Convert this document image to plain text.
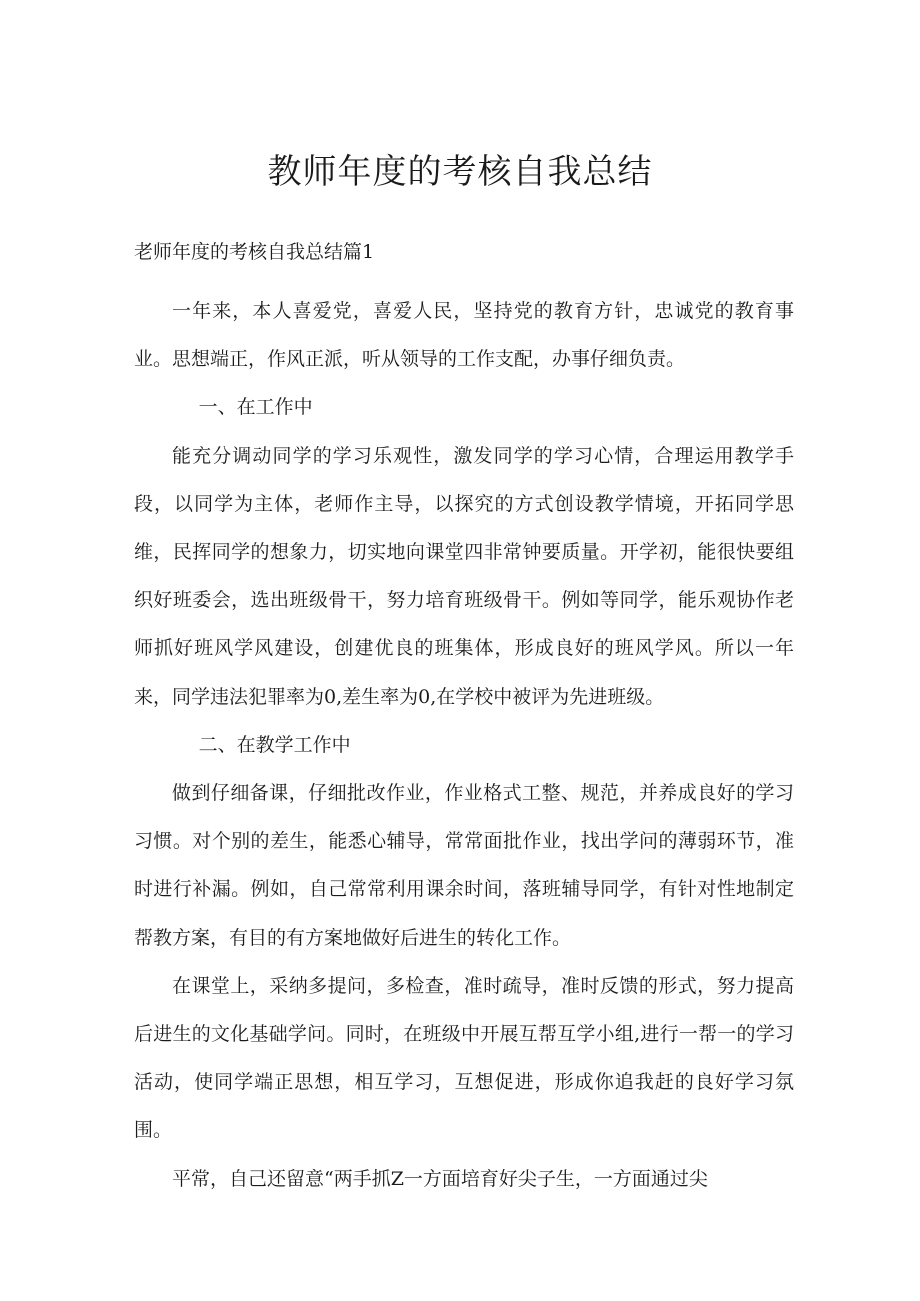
教师年度的考核自我总结

老师年度的考核自我总结篇1

一年来，本人喜爱党，喜爱人民，坚持党的教育方针，忠诚党的教育事业。思想端正，作风正派，听从领导的工作支配，办事仔细负责。

一、在工作中

能充分调动同学的学习乐观性，激发同学的学习心情，合理运用教学手段，以同学为主体，老师作主导，以探究的方式创设教学情境，开拓同学思维，民挥同学的想象力，切实地向课堂四非常钟要质量。开学初，能很快要组织好班委会，选出班级骨干，努力培育班级骨干。例如等同学，能乐观协作老师抓好班风学风建设，创建优良的班集体，形成良好的班风学风。所以一年来，同学违法犯罪率为0,差生率为0,在学校中被评为先进班级。

二、在教学工作中

做到仔细备课，仔细批改作业，作业格式工整、规范，并养成良好的学习习惯。对个别的差生，能悉心辅导，常常面批作业，找出学问的薄弱环节，准时进行补漏。例如，自己常常利用课余时间，落班辅导同学，有针对性地制定帮教方案，有目的有方案地做好后进生的转化工作。

在课堂上，采纳多提问，多检查，准时疏导，准时反馈的形式，努力提高后进生的文化基础学问。同时，在班级中开展互帮互学小组,进行一帮一的学习活动，使同学端正思想，相互学习，互想促进，形成你追我赶的良好学习氛围。

平常，自己还留意“两手抓Z一方面培育好尖子生，一方面通过尖
